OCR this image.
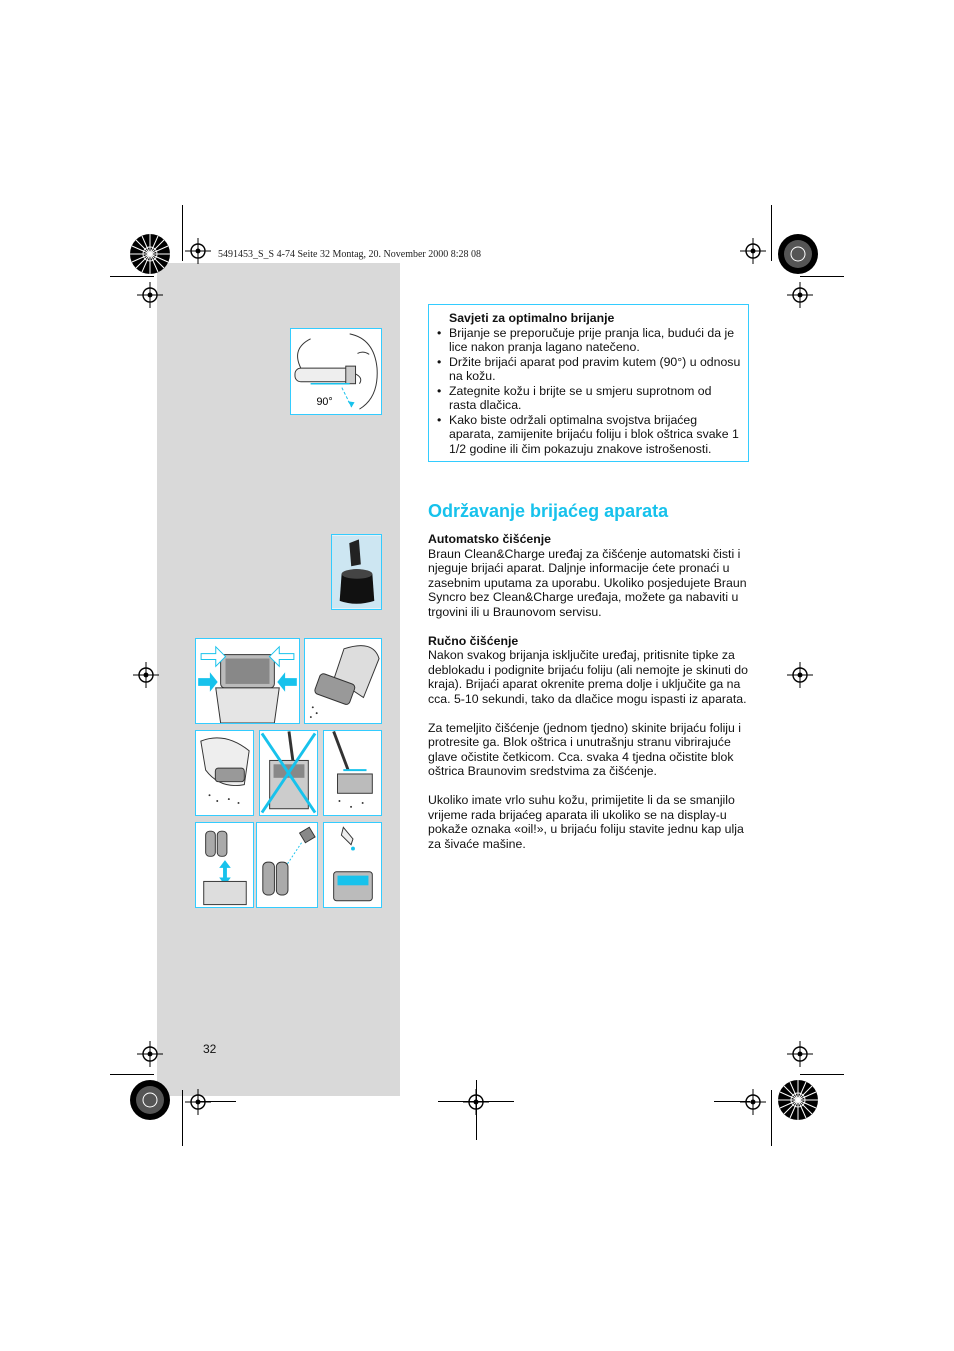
5491453_S_S 4-74 Seite 32 Montag, 20. November 2000 8:28 08
90°
Savjeti za optimalno brijanje
• Brijanje se preporučuje prije pranja lica, budući da je lice nakon pranja lagano natečeno.
• Držite brijaći aparat pod pravim kutem (90°) u odnosu na kožu.
• Zategnite kožu i brijte se u smjeru suprotnom od rasta dlačica.
• Kako biste održali optimalna svojstva brijaćeg aparata, zamijenite brijaću foliju i blok oštrica svake 1 1/2 godine ili čim pokazuju znakove istrošenosti.
Održavanje brijaćeg aparata
Automatsko čišćenje

Braun Clean&Charge uređaj za čišćenje automatski čisti i njeguje brijaći aparat. Daljnje informacije ćete pronaći u zasebnim uputama za uporabu. Ukoliko posjedujete Braun Syncro bez Clean&Charge uređaja, možete ga nabaviti u trgovini ili u Braunovom servisu.

Ručno čišćenje

Nakon svakog brijanja isključite uređaj, pritisnite tipke za deblokadu i podignite brijaću foliju (ali nemojte je skinuti do kraja). Brijaći aparat okrenite prema dolje i uključite ga na cca. 5-10 sekundi, tako da dlačice mogu ispasti iz aparata.

Za temeljito čišćenje (jednom tjedno) skinite brijaću foliju i protresite ga. Blok oštrica i unutrašnju stranu vibrirajuće glave očistite četkicom. Cca. svaka 4 tjedna očistite blok oštrica Braunovim sredstvima za čišćenje.

Ukoliko imate vrlo suhu kožu, primijetite li da se smanjilo vrijeme rada brijaćeg aparata ili ukoliko se na display-u pokaže oznaka «oil!», u brijaću foliju stavite jednu kap ulja za šivaće mašine.

32
